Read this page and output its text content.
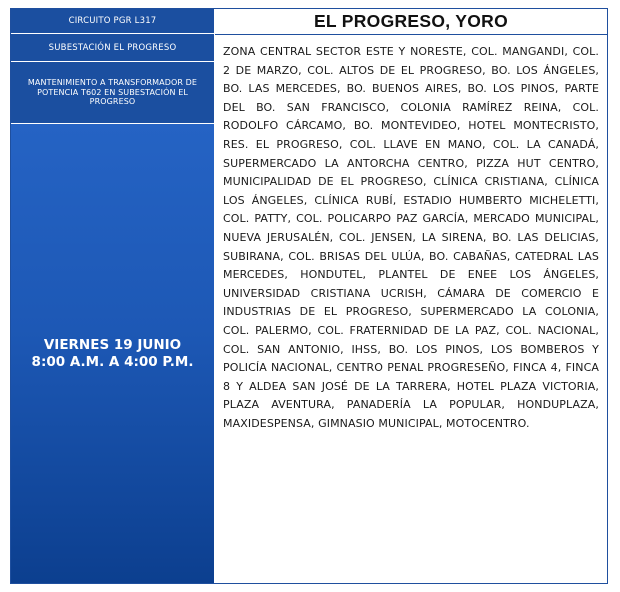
CIRCUITO PGR L317
SUBESTACIÓN EL PROGRESO
MANTENIMIENTO A TRANSFORMADOR DE POTENCIA T602 EN SUBESTACIÓN EL PROGRESO
VIERNES 19 JUNIO
8:00 A.M. A 4:00 P.M.
EL PROGRESO, YORO
ZONA CENTRAL SECTOR ESTE Y NORESTE, COL. MANGANDI, COL. 2 DE MARZO, COL. ALTOS DE EL PROGRESO, BO. LOS ÁNGELES, BO. LAS MERCEDES, BO. BUENOS AIRES, BO. LOS PINOS, PARTE DEL BO. SAN FRANCISCO, COLONIA RAMÍREZ REINA, COL. RODOLFO CÁRCAMO, BO. MONTEVIDEO, HOTEL MONTECRISTO, RES. EL PROGRESO, COL. LLAVE EN MANO, COL. LA CANADÁ, SUPERMERCADO LA ANTORCHA CENTRO, PIZZA HUT CENTRO, MUNICIPALIDAD DE EL PROGRESO, CLÍNICA CRISTIANA, CLÍNICA LOS ÁNGELES, CLÍNICA RUBÍ, ESTADIO HUMBERTO MICHELETTI, COL. PATTY, COL. POLICARPO PAZ GARCÍA, MERCADO MUNICIPAL, NUEVA JERUSALÉN, COL. JENSEN, LA SIRENA, BO. LAS DELICIAS, SUBIRANA, COL. BRISAS DEL ULÚA, BO. CABAÑAS, CATEDRAL LAS MERCEDES, HONDUTEL, PLANTEL DE ENEE LOS ÁNGELES, UNIVERSIDAD CRISTIANA UCRISH, CÁMARA DE COMERCIO E INDUSTRIAS DE EL PROGRESO, SUPERMERCADO LA COLONIA, COL. PALERMO, COL. FRATERNIDAD DE LA PAZ, COL. NACIONAL, COL. SAN ANTONIO, IHSS, BO. LOS PINOS, LOS BOMBEROS Y POLICÍA NACIONAL, CENTRO PENAL PROGRESEÑO, FINCA 4, FINCA 8 Y ALDEA SAN JOSÉ DE LA TARRERA, HOTEL PLAZA VICTORIA, PLAZA AVENTURA, PANADERÍA LA POPULAR, HONDUPLAZA, MAXIDESPENSA, GIMNASIO MUNICIPAL, MOTOCENTRO.
